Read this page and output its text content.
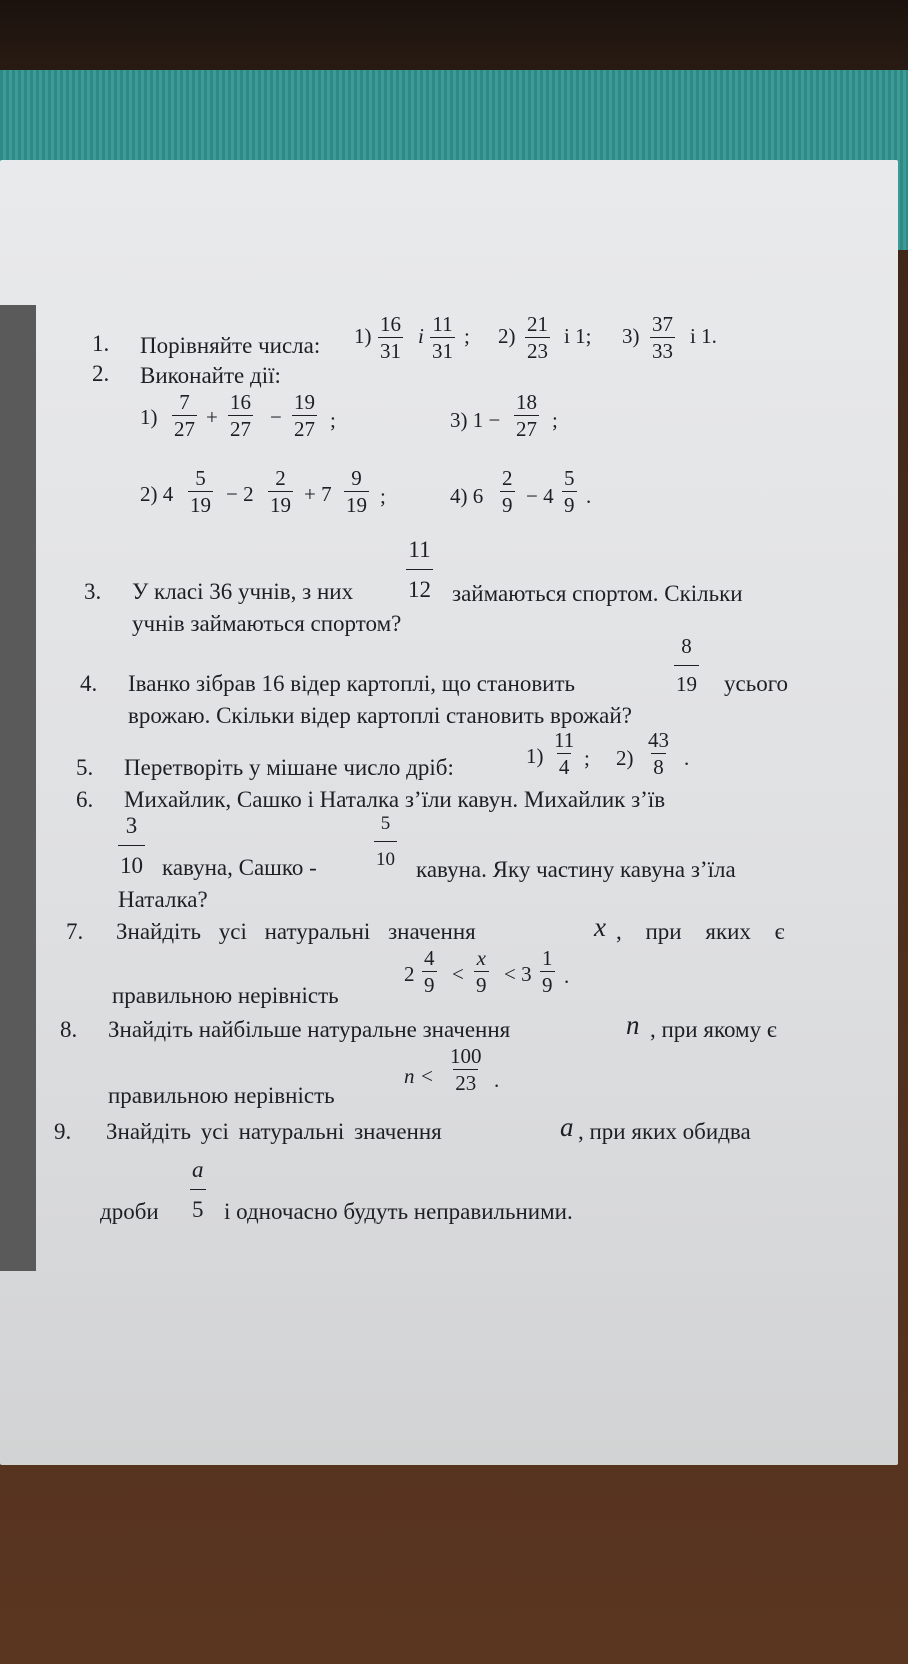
1. Порівняйте числа: $1) \frac{16}{31}$ і $\frac{11}{31}$ ; $2) \frac{21}{23}$ і 1; $3) \frac{37}{33}$ і 1.
2. Виконайте дії:
$1) \frac{7}{27} + \frac{16}{27} - \frac{19}{27}$ ;	3) $1 - \frac{18}{27}$ ;
2) $4 \frac{5}{19} - 2 \frac{2}{19} + 7 \frac{9}{19}$ ;	4) $6 \frac{2}{9} - 4 \frac{5}{9}$ .
3. У класі 36 учнів, з них $\frac{11}{12}$ займаються спортом. Скільки
учнів займаються спортом?
4. Іванко зібрав 16 відер картоплі, що становить	$\frac{8}{19}$ усього
врожаю. Скільки відер картоплі становить врожай?
5. Перетворіть у мішане число дріб:	$1) \frac{11}{4}$ ; $2) \frac{43}{8}$ .
6. Михайлик, Сашко і Наталка з’їли кавун. Михайлик з’їв
$\frac{3}{10}$ кавуна, Сашко -	$\frac{5}{10}$
кавуна. Яку частину кавуна з’їла
Наталка?
7. Знайдіть усі натуральні значення	x , при яких є
правильною нерівність
$2 \frac{4}{9} < \frac{x}{9} < 3 \frac{1}{9}$ .
8. Знайдіть найбільше натуральне значення	n , при якому є
правильною нерівність
$n < \frac{100}{23}$ .
9. Знайдіть усі натуральні значення	a , при яких обидва
дроби $\frac{a}{5}$ і одночасно будуть неправильними.
